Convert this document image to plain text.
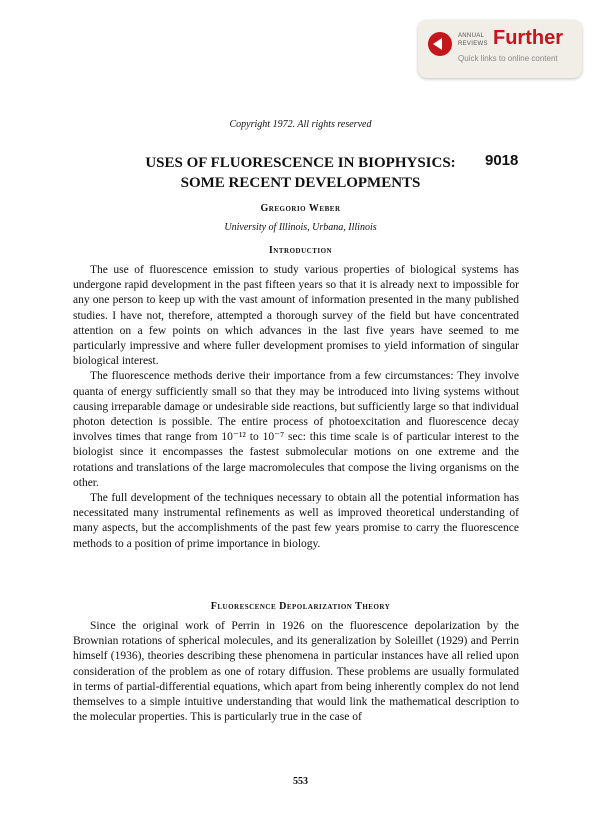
ANNUAL
REVIEWS Further
Quick links to online content
Copyright 1972. All rights reserved
USES OF FLUORESCENCE IN BIOPHYSICS:
SOME RECENT DEVELOPMENTS
9018
Gregorio Weber
University of Illinois, Urbana, Illinois
Introduction

The use of fluorescence emission to study various properties of biological systems has undergone rapid development in the past fifteen years so that it is already next to impossible for any one person to keep up with the vast amount of information presented in the many published studies. I have not, therefore, attempted a thorough survey of the field but have concentrated attention on a few points on which advances in the last five years have seemed to me particularly impressive and where fuller development promises to yield information of singular biological interest.

The fluorescence methods derive their importance from a few circumstances: They involve quanta of energy sufficiently small so that they may be introduced into living systems without causing irreparable damage or undesirable side reactions, but sufficiently large so that individual photon detection is possible. The entire process of photoexcitation and fluorescence decay involves times that range from 10⁻¹² to 10⁻⁷ sec: this time scale is of particular interest to the biologist since it encompasses the fastest submolecular motions on one extreme and the rotations and translations of the large macromolecules that compose the living organisms on the other.

The full development of the techniques necessary to obtain all the potential information has necessitated many instrumental refinements as well as improved theoretical understanding of many aspects, but the accomplishments of the past few years promise to carry the fluorescence methods to a position of prime importance in biology.

Fluorescence Depolarization Theory

Since the original work of Perrin in 1926 on the fluorescence depolarization by the Brownian rotations of spherical molecules, and its generalization by Soleillet (1929) and Perrin himself (1936), theories describing these phenomena in particular instances have all relied upon consideration of the problem as one of rotary diffusion. These problems are usually formulated in terms of partial-differential equations, which apart from being inherently complex do not lend themselves to a simple intuitive understanding that would link the mathematical description to the molecular properties. This is particularly true in the case of

553
